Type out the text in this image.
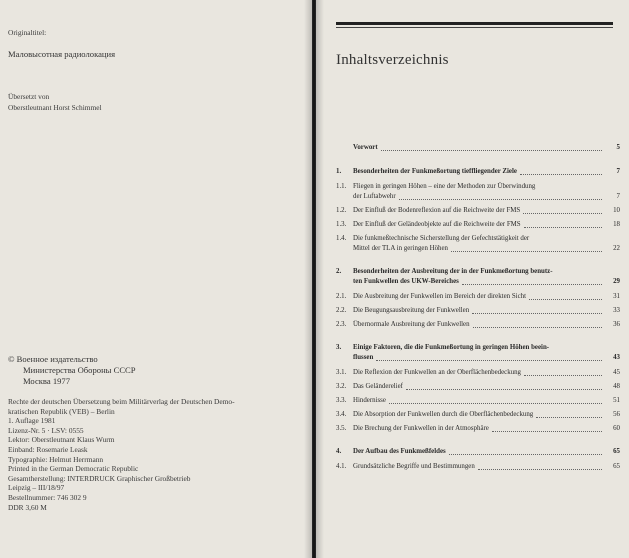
Originaltitel:
Маловысотная радиолокация
Übersetzt von
Oberstleutnant Horst Schimmel
© Военное издательство
Министерства Обороны СССР
Москва 1977
Rechte der deutschen Übersetzung beim Militärverlag der Deutschen Demo-
kratischen Republik (VEB) – Berlin
1. Auflage 1981
Lizenz-Nr. 5 · LSV: 0555
Lektor: Oberstleutnant Klaus Wurm
Einband: Rosemarie Leask
Typographie: Helmut Herrmann
Printed in the German Democratic Republic
Gesamtherstellung: INTERDRUCK Graphischer Großbetrieb
Leipzig – III/18/97
Bestellnummer: 746 302 9
DDR 3,60 M
Inhaltsverzeichnis
Vorwort	5
1.	Besonderheiten der Funkmeßortung tieffliegender Ziele	7
1.1. Fliegen in geringen Höhen – eine der Methoden zur Überwindung
der Luftabwehr	7
1.2. Der Einfluß der Bodenreflexion auf die Reichweite der FMS	10
1.3. Der Einfluß der Geländeobjekte auf die Reichweite der FMS	18
1.4. Die funkmeßtechnische Sicherstellung der Gefechtstätigkeit der
Mittel der TLA in geringen Höhen	22
2.	Besonderheiten der Ausbreitung der in der Funkmeßortung benutz-
ten Funkwellen des UKW-Bereiches	29
2.1. Die Ausbreitung der Funkwellen im Bereich der direkten Sicht	31
2.2. Die Beugungsausbreitung der Funkwellen	33
2.3. Übernormale Ausbreitung der Funkwellen	36
3.	Einige Faktoren, die die Funkmeßortung in geringen Höhen beein-
flussen	43
3.1. Die Reflexion der Funkwellen an der Oberflächenbedeckung	45
3.2. Das Geländerelief	48
3.3. Hindernisse	51
3.4. Die Absorption der Funkwellen durch die Oberflächenbedeckung	56
3.5. Die Brechung der Funkwellen in der Atmosphäre	60
4.	Der Aufbau des Funkmeßfeldes	65
4.1. Grundsätzliche Begriffe und Bestimmungen	65
